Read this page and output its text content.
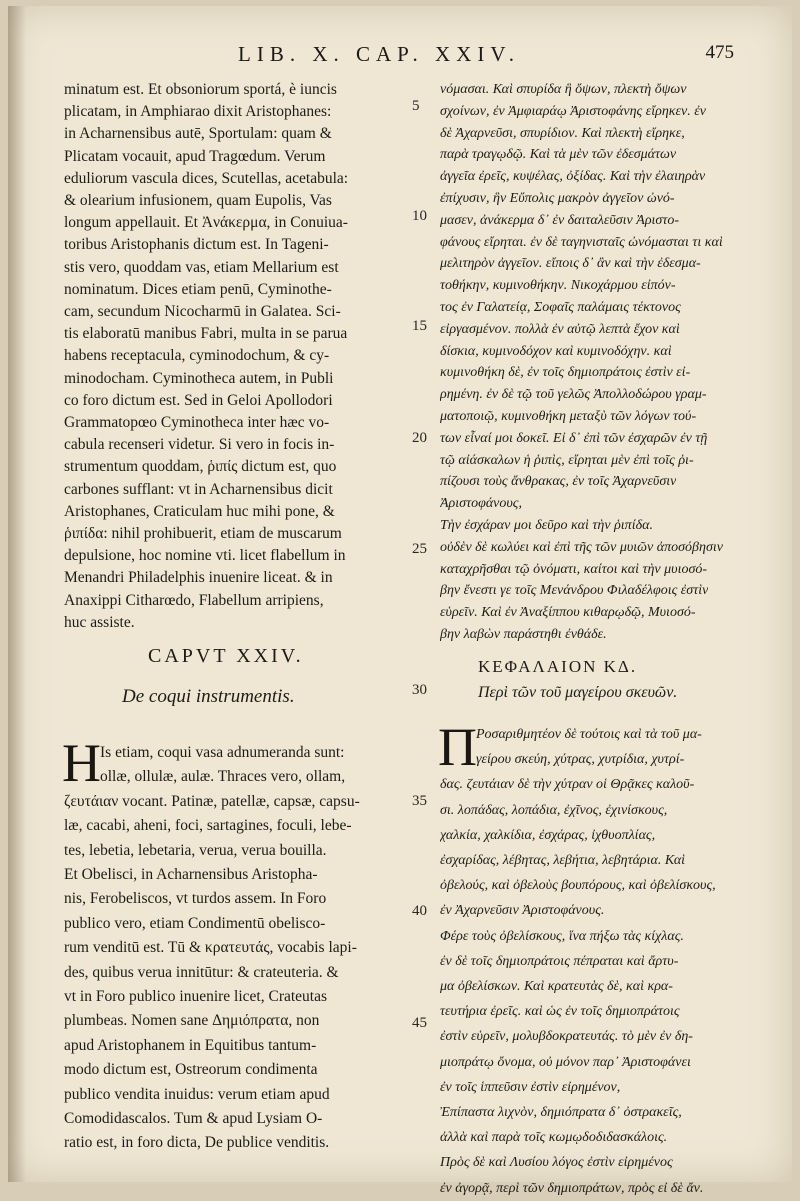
LIB. X. CAP. XXIV.	475
minatum est. Et obsoniorum sportá, è iuncis
plicatam, in Amphiarao dixit Aristophanes:
in Acharnensibus autē, Sportulam: quam &
Plicatam vocauit, apud Tragœdum. Verum
eduliorum vascula dices, Scutellas, acetabula:
& olearium infusionem, quam Eupolis, Vas
longum appellauit. Et Ἀνάκερμα, in Conuiua-
toribus Aristophanis dictum est. In Tageni-
stis vero, quoddam vas, etiam Mellarium est
nominatum. Dices etiam penū, Cyminothe-
cam, secundum Nicocharmū in Galatea. Sci-
tis elaboratū manibus Fabri, multa in se parua
habens receptacula, cyminodochum, & cy-
minodocham. Cyminotheca autem, in Publi
co foro dictum est. Sed in Geloi Apollodori
Grammatopœo Cyminotheca inter hæc vo-
cabula recenseri videtur. Si vero in focis in-
strumentum quoddam, ῥιπίς dictum est, quo
carbones sufflant: vt in Acharnensibus dicit
Aristophanes, Craticulam huc mihi pone, &
ῥιπίδα: nihil prohibuerit, etiam de muscarum
depulsione, hoc nomine vti. licet flabellum in
Menandri Philadelphis inuenire liceat. & in
Anaxippi Citharœdo, Flabellum arripiens,
huc assiste.
Is etiam, coqui vasa adnumeranda sunt:
ollæ, ollulæ, aulæ. Thraces vero, ollam,
ζευτάιαν vocant. Patinæ, patellæ, capsæ, capsu-
læ, cacabi, aheni, foci, sartagines, foculi, lebe-
tes, lebetia, lebetaria, verua, verua bouilla.
Et Obelisci, in Acharnensibus Aristopha-
nis, Ferobeliscos, vt turdos assem. In Foro
publico vero, etiam Condimentū obelisco-
rum venditū est. Tū & κρατευτάς, vocabis lapi-
des, quibus verua innitūtur: & crateuteria. &
vt in Foro publico inuenire licet, Crateutas
plumbeas. Nomen sane Δημιόπρατα, non
apud Aristophanem in Equitibus tantum-
modo dictum est, Ostreorum condimenta
publico vendita inuidus: verum etiam apud
Comodidascalos. Tum & apud Lysiam O-
ratio est, in foro dicta, De publice venditis.
CAPVT XXIV.
De coqui instrumentis.
H
5
10
15
20
25
30
35
40
45
νόμασαι. Καὶ σπυρίδα ἣ ὄψων, πλεκτὴ ὄψων
σχοίνων, ἐν Ἀμφιαράῳ Ἀριστοφάνης εἴρηκεν. ἐν
δὲ Ἀχαρνεῦσι, σπυρίδιον. Καὶ πλεκτὴ εἴρηκε,
παρὰ τραγῳδῷ. Καὶ τὰ μὲν τῶν ἐδεσμάτων
ἀγγεῖα ἐρεῖς, κυψέλας, ὀξίδας. Καὶ τὴν ἐλαιηρὰν
ἐπίχυσιν, ἣν Εὔπολις μακρὸν ἀγγεῖον ὠνό-
μασεν, ἀνάκερμα δ᾽ ἐν δαιταλεῦσιν Ἀριστο-
φάνους εἴρηται. ἐν δὲ ταγηνισταῖς ὠνόμασται τι καὶ
μελιτηρὸν ἀγγεῖον. εἴποις δ᾽ ἂν καὶ τὴν ἐδεσμα-
τοθήκην, κυμινοθήκην. Νικοχάρμου εἰπόν-
τος ἐν Γαλατείᾳ, Σοφαῖς παλάμαις τέκτονος
εἰργασμένον. πολλὰ ἐν αὐτῷ λεπτὰ ἔχον καὶ
δίσκια, κυμινοδόχον καὶ κυμινοδόχην. καὶ
κυμινοθήκη δὲ, ἐν τοῖς δημιοπράτοις ἐστὶν εἰ-
ρημένη. ἐν δὲ τῷ τοῦ γελῶς Ἀπολλοδώρου γραμ-
ματοποιῷ, κυμινοθήκη μεταξὺ τῶν λόγων τού-
των εἶναί μοι δοκεῖ. Εἰ δ᾽ ἐπὶ τῶν ἐσχαρῶν ἐν τῇ
τῷ αἰάσκαλων ἡ ῥιπὶς, εἴρηται μὲν ἐπὶ τοῖς ῥι-
πίζουσι τοὺς ἄνθρακας, ἐν τοῖς Ἀχαρνεῦσιν
Ἀριστοφάνους,
Τὴν ἐσχάραν μοι δεῦρο καὶ τὴν ῥιπίδα.
οὐδὲν δὲ κωλύει καὶ ἐπὶ τῆς τῶν μυιῶν ἀποσόβησιν
καταχρῆσθαι τῷ ὀνόματι, καίτοι καὶ τὴν μυιοσό-
βην ἔνεστι γε τοῖς Μενάνδρου Φιλαδέλφοις ἐστὶν
εὑρεῖν. Καὶ ἐν Ἀναξίππου κιθαρῳδῷ, Μυιοσό-
βην λαβὼν παράστηθι ἐνθάδε.
Ροσαριθμητέον δὲ τούτοις καὶ τὰ τοῦ μα-
γείρου σκεύη, χύτρας, χυτρίδια, χυτρί-
δας. ζευτάιαν δὲ τὴν χύτραν οἱ Θρᾷκες καλοῦ-
σι. λοπάδας, λοπάδια, ἐχῖνος, ἐχινίσκους,
χαλκία, χαλκίδια, ἐσχάρας, ἰχθυοπλίας,
ἐσχαρίδας, λέβητας, λεβήτια, λεβητάρια. Καὶ
ὀβελούς, καὶ ὀβελοὺς βουπόρους, καὶ ὀβελίσκους,
ἐν Ἀχαρνεῦσιν Ἀριστοφάνους.
Φέρε τοὺς ὀβελίσκους, ἵνα πήξω τὰς κίχλας.
ἐν δὲ τοῖς δημιοπράτοις πέπραται καὶ ἄρτυ-
μα ὀβελίσκων. Καὶ κρατευτὰς δὲ, καὶ κρα-
τευτήρια ἐρεῖς. καὶ ὡς ἐν τοῖς δημιοπράτοις
ἐστὶν εὑρεῖν, μολυβδοκρατευτάς. τὸ μὲν ἐν δη-
μιοπράτῳ ὄνομα, οὐ μόνον παρ᾽ Ἀριστοφάνει
ἐν τοῖς ἱππεῦσιν ἐστὶν εἰρημένον,
Ἐπίπαστα λιχνὸν, δημιόπρατα δ᾽ ὀστρακεῖς,
ἀλλὰ καὶ παρὰ τοῖς κωμῳδοδιδασκάλοις.
Πρὸς δὲ καὶ Λυσίου λόγος ἐστὶν εἰρημένος
ἐν ἀγορᾷ, περὶ τῶν δημιοπράτων, πρὸς εἰ δὲ ἄν.
ΚΕΦΑΛΑΙΟΝ ΚΔ.
Περὶ τῶν τοῦ μαγείρου σκευῶν.
Π
